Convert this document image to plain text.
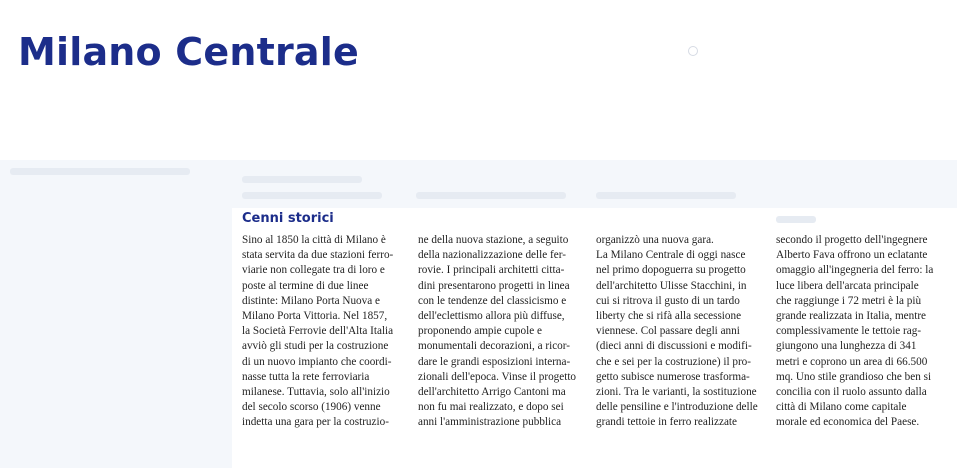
Milano Centrale
Cenni storici
Sino al 1850 la città di Milano è
stata servita da due stazioni ferro-
viarie non collegate tra di loro e
poste al termine di due linee
distinte: Milano Porta Nuova e
Milano Porta Vittoria. Nel 1857,
la Società Ferrovie dell'Alta Italia
avviò gli studi per la costruzione
di un nuovo impianto che coordi-
nasse tutta la rete ferroviaria
milanese. Tuttavia, solo all'inizio
del secolo scorso (1906) venne
indetta una gara per la costruzio-
ne della nuova stazione, a seguito
della nazionalizzazione delle fer-
rovie. I principali architetti citta-
dini presentarono progetti in linea
con le tendenze del classicismo e
dell'eclettismo allora più diffuse,
proponendo ampie cupole e
monumentali decorazioni, a ricor-
dare le grandi esposizioni interna-
zionali dell'epoca. Vinse il progetto
dell'architetto Arrigo Cantoni ma
non fu mai realizzato, e dopo sei
anni l'amministrazione pubblica
organizzò una nuova gara.
La Milano Centrale di oggi nasce
nel primo dopoguerra su progetto
dell'architetto Ulisse Stacchini, in
cui si ritrova il gusto di un tardo
liberty che si rifà alla secessione
viennese. Col passare degli anni
(dieci anni di discussioni e modifi-
che e sei per la costruzione) il pro-
getto subisce numerose trasforma-
zioni. Tra le varianti, la sostituzione
delle pensiline e l'introduzione delle
grandi tettoie in ferro realizzate
secondo il progetto dell'ingegnere
Alberto Fava offrono un eclatante
omaggio all'ingegneria del ferro: la
luce libera dell'arcata principale
che raggiunge i 72 metri è la più
grande realizzata in Italia, mentre
complessivamente le tettoie rag-
giungono una lunghezza di 341
metri e coprono un area di 66.500
mq. Uno stile grandioso che ben si
concilia con il ruolo assunto dalla
città di Milano come capitale
morale ed economica del Paese.
